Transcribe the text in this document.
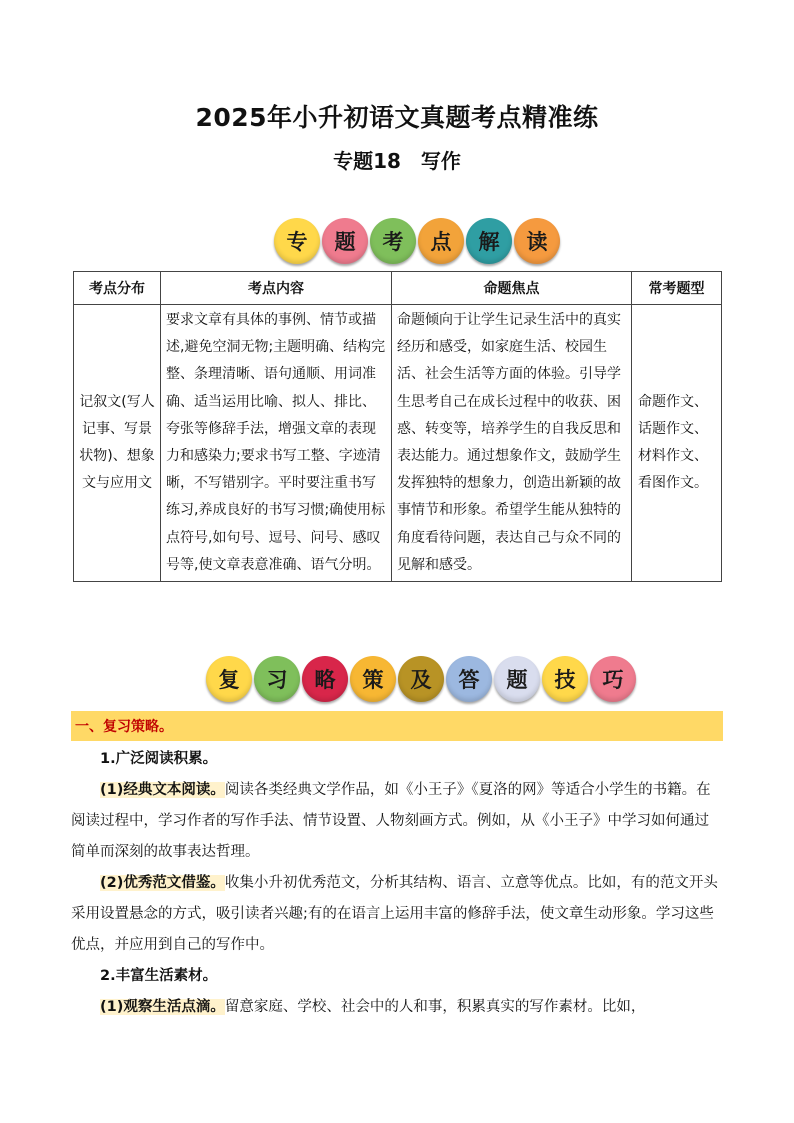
2025年小升初语文真题考点精准练
专题18　写作
专	题	考	点	解	读
考点分布	考点内容	命题焦点	常考题型
记叙文(写人记事、写景状物)、想象文与应用文	要求文章有具体的事例、情节或描述,避免空洞无物;主题明确、结构完整、条理清晰、语句通顺、用词准确、适当运用比喻、拟人、排比、夸张等修辞手法，增强文章的表现力和感染力;要求书写工整、字迹清晰，不写错别字。平时要注重书写练习,养成良好的书写习惯;确使用标点符号,如句号、逗号、问号、感叹号等,使文章表意准确、语气分明。	命题倾向于让学生记录生活中的真实经历和感受，如家庭生活、校园生活、社会生活等方面的体验。引导学生思考自己在成长过程中的收获、困惑、转变等，培养学生的自我反思和表达能力。通过想象作文，鼓励学生发挥独特的想象力，创造出新颖的故事情节和形象。希望学生能从独特的角度看待问题，表达自己与众不同的见解和感受。	命题作文、话题作文、材料作文、看图作文。
复	习	略	策	及	答	题	技	巧
一、复习策略。

1.广泛阅读积累。

(1)经典文本阅读。阅读各类经典文学作品，如《小王子》《夏洛的网》等适合小学生的书籍。在阅读过程中，学习作者的写作手法、情节设置、人物刻画方式。例如，从《小王子》中学习如何通过简单而深刻的故事表达哲理。

(2)优秀范文借鉴。收集小升初优秀范文，分析其结构、语言、立意等优点。比如，有的范文开头采用设置悬念的方式，吸引读者兴趣;有的在语言上运用丰富的修辞手法，使文章生动形象。学习这些优点，并应用到自己的写作中。

2.丰富生活素材。

(1)观察生活点滴。留意家庭、学校、社会中的人和事，积累真实的写作素材。比如，
